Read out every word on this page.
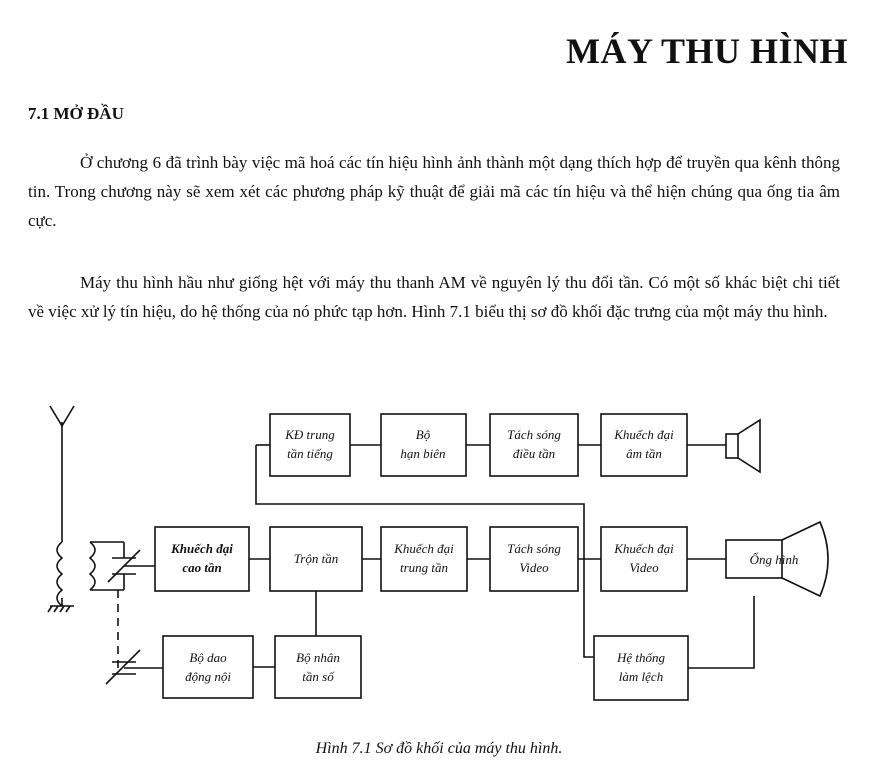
MÁY THU HÌNH
7.1 MỞ ĐẦU

Ở chương 6 đã trình bày việc mã hoá các tín hiệu hình ảnh thành một dạng thích hợp để truyền qua kênh thông tin. Trong chương này sẽ xem xét các phương pháp kỹ thuật để giải mã các tín hiệu và thể hiện chúng qua ống tia âm cực.

Máy thu hình hầu như giống hệt với máy thu thanh AM về nguyên lý thu đổi tần. Có một số khác biệt chi tiết về việc xử lý tín hiệu, do hệ thống của nó phức tạp hơn. Hình 7.1 biểu thị sơ đồ khối đặc trưng của một máy thu hình.

KĐ trung
tần tiếng
Bộ
hạn biên
Tách sóng
điều tần
Khuếch đại
âm tần
Khuếch đại
cao tần
Trộn tần
Khuếch đại
trung tần
Tách sóng
Video
Khuếch đại
Video
Ống hình
Bộ dao
động nội
Bộ nhân
tần số
Hệ thống
làm lệch

Hình 7.1 Sơ đồ khối của máy thu hình.
